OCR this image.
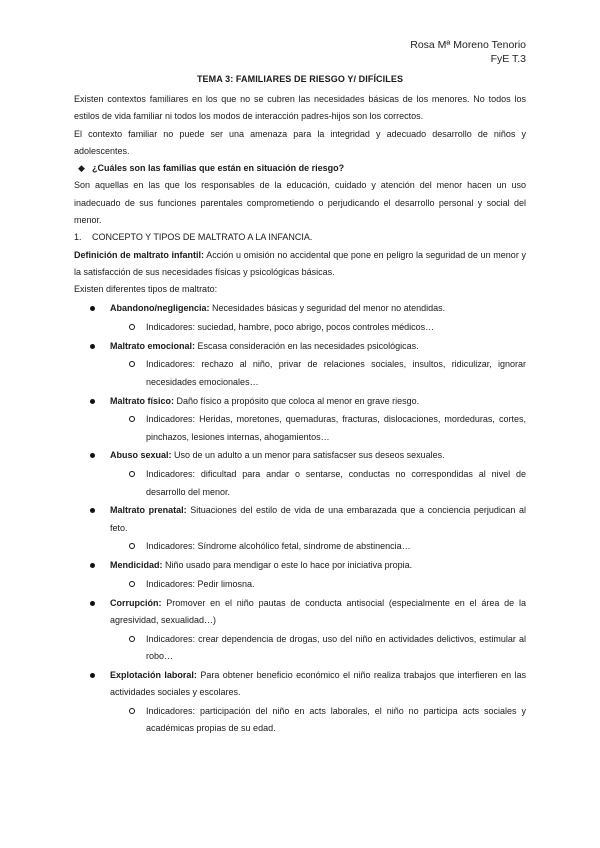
Rosa Mª Moreno Tenorio
FyE T.3
TEMA 3: FAMILIARES DE RIESGO Y/ DIFÍCILES

Existen contextos familiares en los que no se cubren las necesidades básicas de los menores. No todos los estilos de vida familiar ni todos los modos de interacción padres-hijos son los correctos.

El contexto familiar no puede ser una amenaza para la integridad y adecuado desarrollo de niños y adolescentes.

◆ ¿Cuáles son las familias que están en situación de riesgo?

Son aquellas en las que los responsables de la educación, cuidado y atención del menor hacen un uso inadecuado de sus funciones parentales comprometiendo o perjudicando el desarrollo personal y social del menor.

1. CONCEPTO Y TIPOS DE MALTRATO A LA INFANCIA.

Definición de maltrato infantil: Acción u omisión no accidental que pone en peligro la seguridad de un menor y la satisfacción de sus necesidades físicas y psicológicas básicas.

Existen diferentes tipos de maltrato:

Abandono/negligencia: Necesidades básicas y seguridad del menor no atendidas.
Indicadores: suciedad, hambre, poco abrigo, pocos controles médicos…
Maltrato emocional: Escasa consideración en las necesidades psicológicas.
Indicadores: rechazo al niño, privar de relaciones sociales, insultos, ridiculizar, ignorar necesidades emocionales…
Maltrato físico: Daño físico a propósito que coloca al menor en grave riesgo.
Indicadores: Heridas, moretones, quemaduras, fracturas, dislocaciones, mordeduras, cortes, pinchazos, lesiones internas, ahogamientos…
Abuso sexual: Uso de un adulto a un menor para satisfacser sus deseos sexuales.
Indicadores: dificultad para andar o sentarse, conductas no correspondidas al nivel de desarrollo del menor.
Maltrato prenatal: Situaciones del estilo de vida de una embarazada que a conciencia perjudican al feto.
Indicadores: Síndrome alcohólico fetal, síndrome de abstinencia…
Mendicidad: Niño usado para mendigar o este lo hace por iniciativa propia.
Indicadores: Pedir limosna.
Corrupción: Promover en el niño pautas de conducta antisocial (especialmente en el área de la agresividad, sexualidad…)
Indicadores: crear dependencia de drogas, uso del niño en actividades delictivos, estimular al robo…
Explotación laboral: Para obtener beneficio económico el niño realiza trabajos que interfieren en las actividades sociales y escolares.
Indicadores: participación del niño en acts laborales, el niño no participa acts sociales y académicas propias de su edad.
